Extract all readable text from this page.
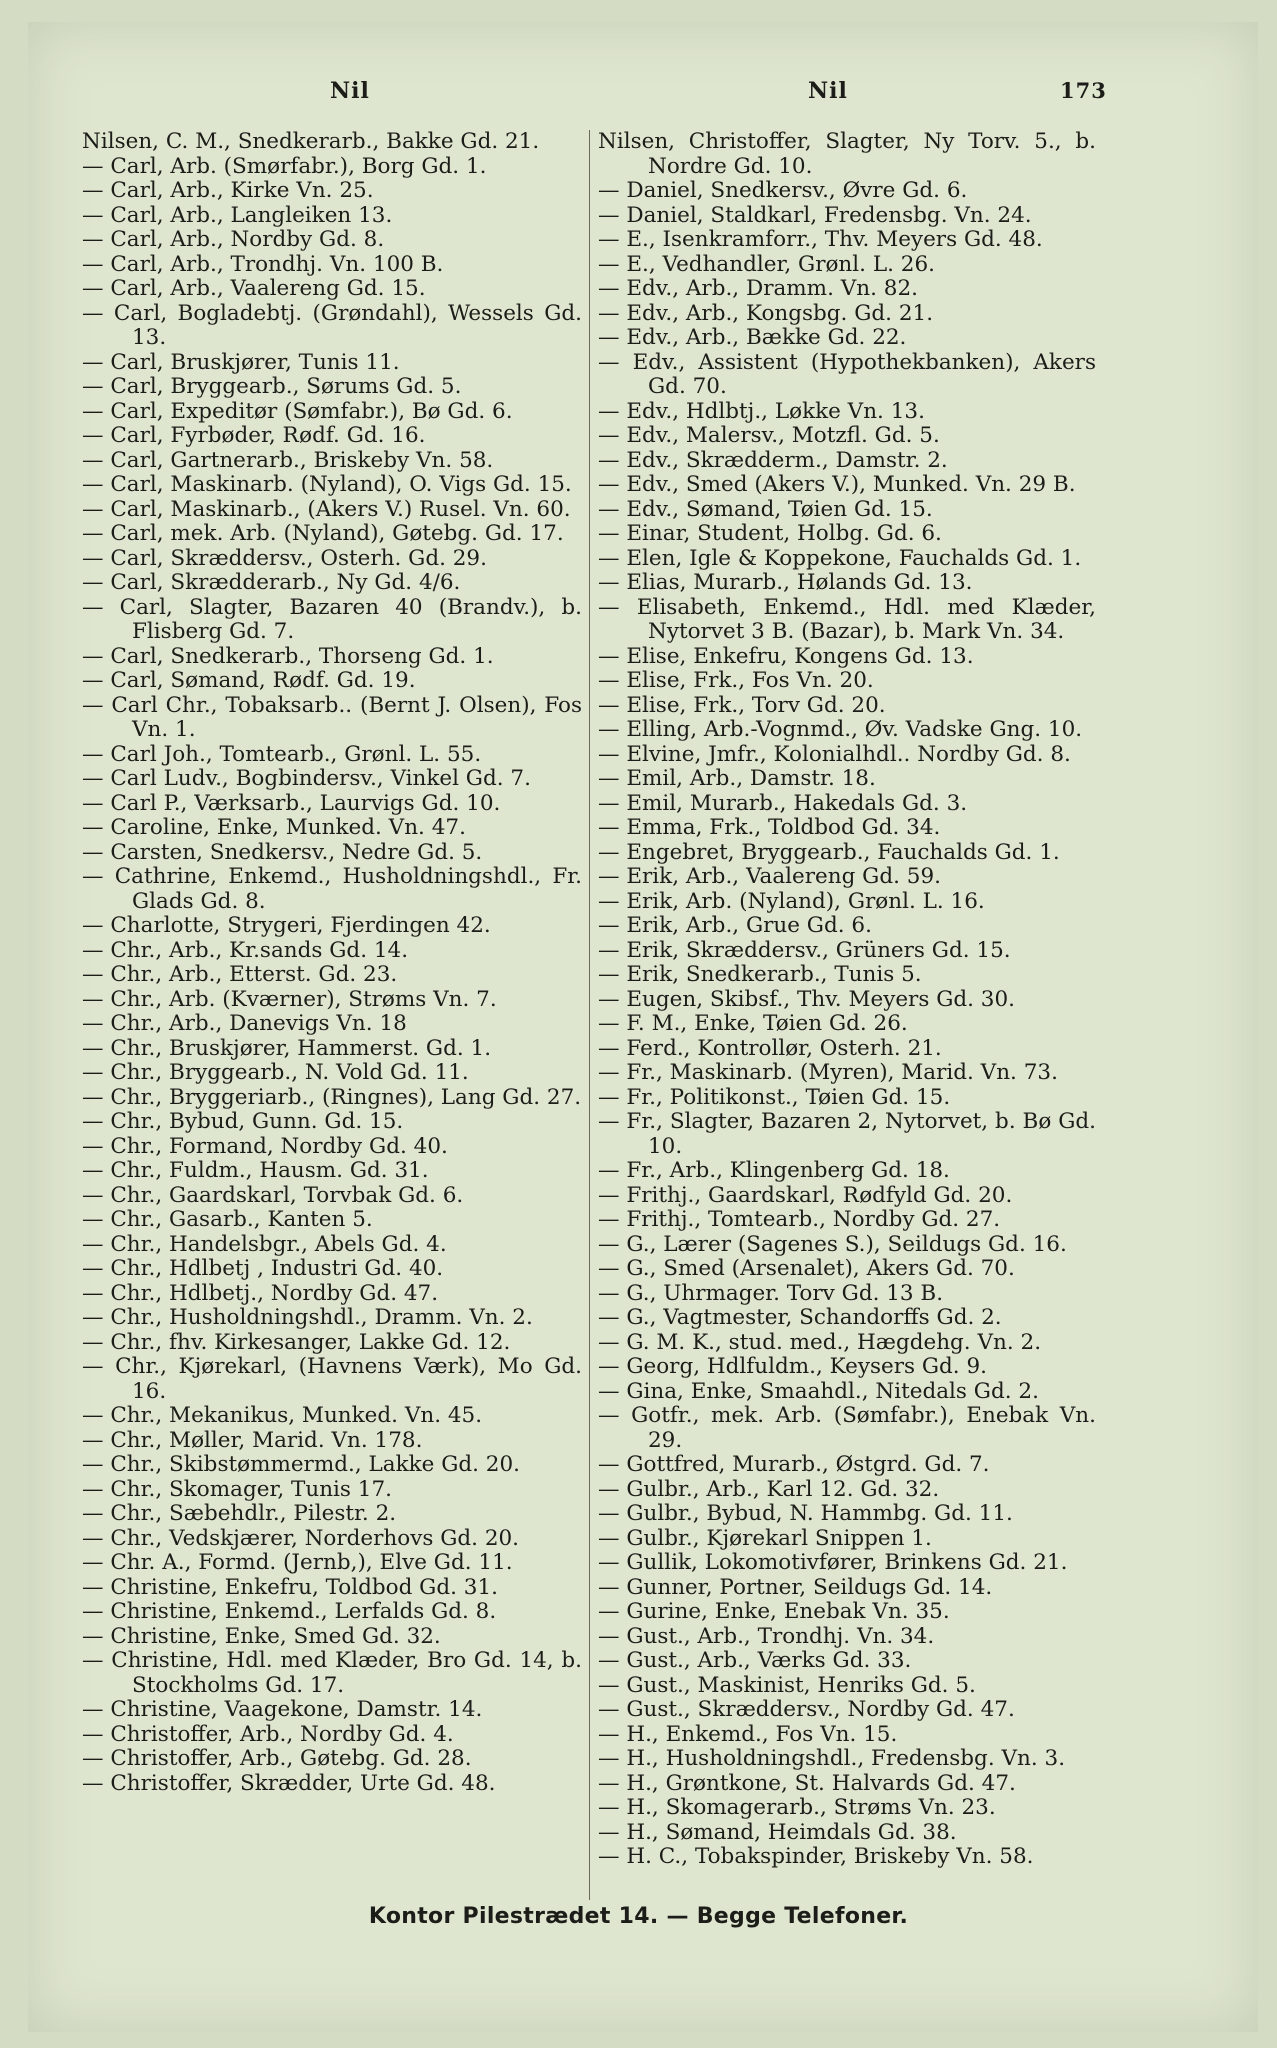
Nil	Nil	173
Nilsen, C. M., Snedkerarb., Bakke Gd. 21.
— Carl, Arb. (Smørfabr.), Borg Gd. 1.
— Carl, Arb., Kirke Vn. 25.
— Carl, Arb., Langleiken 13.
— Carl, Arb., Nordby Gd. 8.
— Carl, Arb., Trondhj. Vn. 100 B.
— Carl, Arb., Vaalereng Gd. 15.
— Carl, Bogladebtj. (Grøndahl), Wessels Gd. 13.
— Carl, Bruskjører, Tunis 11.
— Carl, Bryggearb., Sørums Gd. 5.
— Carl, Expeditør (Sømfabr.), Bø Gd. 6.
— Carl, Fyrbøder, Rødf. Gd. 16.
— Carl, Gartnerarb., Briskeby Vn. 58.
— Carl, Maskinarb. (Nyland), O. Vigs Gd. 15.
— Carl, Maskinarb., (Akers V.) Rusel. Vn. 60.
— Carl, mek. Arb. (Nyland), Gøtebg. Gd. 17.
— Carl, Skræddersv., Osterh. Gd. 29.
— Carl, Skrædderarb., Ny Gd. 4/6.
— Carl, Slagter, Bazaren 40 (Brandv.), b. Flisberg Gd. 7.
— Carl, Snedkerarb., Thorseng Gd. 1.
— Carl, Sømand, Rødf. Gd. 19.
— Carl Chr., Tobaksarb.. (Bernt J. Olsen), Fos Vn. 1.
— Carl Joh., Tomtearb., Grønl. L. 55.
— Carl Ludv., Bogbindersv., Vinkel Gd. 7.
— Carl P., Værksarb., Laurvigs Gd. 10.
— Caroline, Enke, Munked. Vn. 47.
— Carsten, Snedkersv., Nedre Gd. 5.
— Cathrine, Enkemd., Husholdningshdl., Fr. Glads Gd. 8.
— Charlotte, Strygeri, Fjerdingen 42.
— Chr., Arb., Kr.sands Gd. 14.
— Chr., Arb., Etterst. Gd. 23.
— Chr., Arb. (Kværner), Strøms Vn. 7.
— Chr., Arb., Danevigs Vn. 18
— Chr., Bruskjører, Hammerst. Gd. 1.
— Chr., Bryggearb., N. Vold Gd. 11.
— Chr., Bryggeriarb., (Ringnes), Lang Gd. 27.
— Chr., Bybud, Gunn. Gd. 15.
— Chr., Formand, Nordby Gd. 40.
— Chr., Fuldm., Hausm. Gd. 31.
— Chr., Gaardskarl, Torvbak Gd. 6.
— Chr., Gasarb., Kanten 5.
— Chr., Handelsbgr., Abels Gd. 4.
— Chr., Hdlbetj , Industri Gd. 40.
— Chr., Hdlbetj., Nordby Gd. 47.
— Chr., Husholdningshdl., Dramm. Vn. 2.
— Chr., fhv. Kirkesanger, Lakke Gd. 12.
— Chr., Kjørekarl, (Havnens Værk), Mo Gd. 16.
— Chr., Mekanikus, Munked. Vn. 45.
— Chr., Møller, Marid. Vn. 178.
— Chr., Skibstømmermd., Lakke Gd. 20.
— Chr., Skomager, Tunis 17.
— Chr., Sæbehdlr., Pilestr. 2.
— Chr., Vedskjærer, Norderhovs Gd. 20.
— Chr. A., Formd. (Jernb,), Elve Gd. 11.
— Christine, Enkefru, Toldbod Gd. 31.
— Christine, Enkemd., Lerfalds Gd. 8.
— Christine, Enke, Smed Gd. 32.
— Christine, Hdl. med Klæder, Bro Gd. 14, b. Stockholms Gd. 17.
— Christine, Vaagekone, Damstr. 14.
— Christoffer, Arb., Nordby Gd. 4.
— Christoffer, Arb., Gøtebg. Gd. 28.
— Christoffer, Skrædder, Urte Gd. 48.
Nilsen, Christoffer, Slagter, Ny Torv. 5., b. Nordre Gd. 10.
— Daniel, Snedkersv., Øvre Gd. 6.
— Daniel, Staldkarl, Fredensbg. Vn. 24.
— E., Isenkramforr., Thv. Meyers Gd. 48.
— E., Vedhandler, Grønl. L. 26.
— Edv., Arb., Dramm. Vn. 82.
— Edv., Arb., Kongsbg. Gd. 21.
— Edv., Arb., Bække Gd. 22.
— Edv., Assistent (Hypothekbanken), Akers Gd. 70.
— Edv., Hdlbtj., Løkke Vn. 13.
— Edv., Malersv., Motzfl. Gd. 5.
— Edv., Skrædderm., Damstr. 2.
— Edv., Smed (Akers V.), Munked. Vn. 29 B.
— Edv., Sømand, Tøien Gd. 15.
— Einar, Student, Holbg. Gd. 6.
— Elen, Igle & Koppekone, Fauchalds Gd. 1.
— Elias, Murarb., Hølands Gd. 13.
— Elisabeth, Enkemd., Hdl. med Klæder, Nytorvet 3 B. (Bazar), b. Mark Vn. 34.
— Elise, Enkefru, Kongens Gd. 13.
— Elise, Frk., Fos Vn. 20.
— Elise, Frk., Torv Gd. 20.
— Elling, Arb.-Vognmd., Øv. Vadske Gng. 10.
— Elvine, Jmfr., Kolonialhdl.. Nordby Gd. 8.
— Emil, Arb., Damstr. 18.
— Emil, Murarb., Hakedals Gd. 3.
— Emma, Frk., Toldbod Gd. 34.
— Engebret, Bryggearb., Fauchalds Gd. 1.
— Erik, Arb., Vaalereng Gd. 59.
— Erik, Arb. (Nyland), Grønl. L. 16.
— Erik, Arb., Grue Gd. 6.
— Erik, Skræddersv., Grüners Gd. 15.
— Erik, Snedkerarb., Tunis 5.
— Eugen, Skibsf., Thv. Meyers Gd. 30.
— F. M., Enke, Tøien Gd. 26.
— Ferd., Kontrollør, Osterh. 21.
— Fr., Maskinarb. (Myren), Marid. Vn. 73.
— Fr., Politikonst., Tøien Gd. 15.
— Fr., Slagter, Bazaren 2, Nytorvet, b. Bø Gd. 10.
— Fr., Arb., Klingenberg Gd. 18.
— Frithj., Gaardskarl, Rødfyld Gd. 20.
— Frithj., Tomtearb., Nordby Gd. 27.
— G., Lærer (Sagenes S.), Seildugs Gd. 16.
— G., Smed (Arsenalet), Akers Gd. 70.
— G., Uhrmager. Torv Gd. 13 B.
— G., Vagtmester, Schandorffs Gd. 2.
— G. M. K., stud. med., Hægdehg. Vn. 2.
— Georg, Hdlfuldm., Keysers Gd. 9.
— Gina, Enke, Smaahdl., Nitedals Gd. 2.
— Gotfr., mek. Arb. (Sømfabr.), Enebak Vn. 29.
— Gottfred, Murarb., Østgrd. Gd. 7.
— Gulbr., Arb., Karl 12. Gd. 32.
— Gulbr., Bybud, N. Hammbg. Gd. 11.
— Gulbr., Kjørekarl Snippen 1.
— Gullik, Lokomotivfører, Brinkens Gd. 21.
— Gunner, Portner, Seildugs Gd. 14.
— Gurine, Enke, Enebak Vn. 35.
— Gust., Arb., Trondhj. Vn. 34.
— Gust., Arb., Værks Gd. 33.
— Gust., Maskinist, Henriks Gd. 5.
— Gust., Skræddersv., Nordby Gd. 47.
— H., Enkemd., Fos Vn. 15.
— H., Husholdningshdl., Fredensbg. Vn. 3.
— H., Grøntkone, St. Halvards Gd. 47.
— H., Skomagerarb., Strøms Vn. 23.
— H., Sømand, Heimdals Gd. 38.
— H. C., Tobakspinder, Briskeby Vn. 58.
Kontor Pilestrædet 14. — Begge Telefoner.
